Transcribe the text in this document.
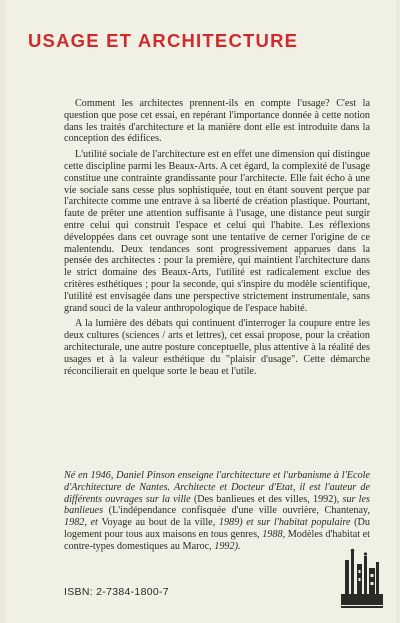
USAGE ET ARCHITECTURE

Comment les architectes prennent-ils en compte l'usage? C'est la question que pose cet essai, en repérant l'importance donnée à cette notion dans les traités d'architecture et la manière dont elle est introduite dans la conception des édifices.

L'utilité sociale de l'architecture est en effet une dimension qui distingue cette discipline parmi les Beaux-Arts. A cet égard, la complexité de l'usage constitue une contrainte grandissante pour l'architecte. Elle fait écho à une vie sociale sans cesse plus sophistiquée, tout en étant souvent perçue par l'architecte comme une entrave à sa liberté de création plastique. Pourtant, faute de prêter une attention suffisante à l'usage, une distance peut surgir entre celui qui construit l'espace et celui qui l'habite. Les réflexions développées dans cet ouvrage sont une tentative de cerner l'origine de ce malentendu. Deux tendances sont progressivement apparues dans la pensée des architectes : pour la première, qui maintient l'architecture dans le strict domaine des Beaux-Arts, l'utilité est radicalement exclue des critères esthétiques ; pour la seconde, qui s'inspire du modèle scientifique, l'utilité est envisagée dans une perspective strictement instrumentale, sans grand souci de la valeur anthropologique de l'espace habité.

A la lumière des débats qui continuent d'interroger la coupure entre les deux cultures (sciences / arts et lettres), cet essai propose, pour la création architecturale, une autre posture conceptuelle, plus attentive à la réalité des usages et à la valeur esthétique du "plaisir d'usage". Cette démarche réconcilierait en quelque sorte le beau et l'utile.

Né en 1946, Daniel Pinson enseigne l'architecture et l'urbanisme à l'Ecole d'Architecture de Nantes. Architecte et Docteur d'Etat, il est l'auteur de différents ouvrages sur la ville (Des banlieues et des villes, 1992), sur les banlieues (L'indépendance confisquée d'une ville ouvrière, Chantenay, 1982, et Voyage au bout de la ville, 1989) et sur l'habitat populaire (Du logement pour tous aux maisons en tous genres, 1988, Modèles d'habitat et contre-types domestiques au Maroc, 1992).

ISBN: 2-7384-1800-7
